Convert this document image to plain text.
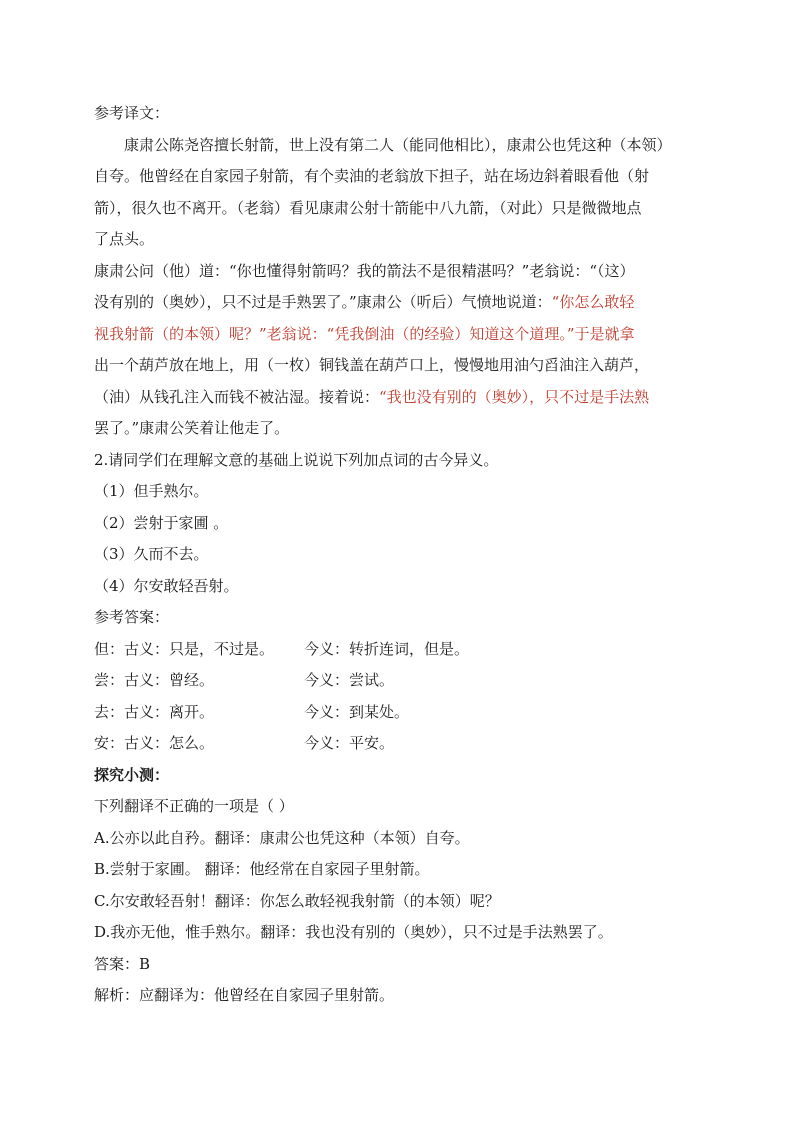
参考译文：
康肃公陈尧咨擅长射箭，世上没有第二人（能同他相比），康肃公也凭这种（本领）
自夸。他曾经在自家园子射箭，有个卖油的老翁放下担子，站在场边斜着眼看他（射
箭），很久也不离开。（老翁）看见康肃公射十箭能中八九箭，（对此）只是微微地点
了点头。
康肃公问（他）道：“你也懂得射箭吗？我的箭法不是很精湛吗？”老翁说：“（这）
没有别的（奥妙），只不过是手熟罢了。”康肃公（听后）气愤地说道：“你怎么敢轻
视我射箭（的本领）呢？”老翁说：“凭我倒油（的经验）知道这个道理。”于是就拿
出一个葫芦放在地上，用（一枚）铜钱盖在葫芦口上，慢慢地用油勺舀油注入葫芦，
（油）从钱孔注入而钱不被沾湿。接着说：“我也没有别的（奥妙），只不过是手法熟
罢了。”康肃公笑着让他走了。
2.请同学们在理解文意的基础上说说下列加点词的古今异义。
（1）但手熟尔。
（2）尝射于家圃 。
（3）久而不去。
（4）尔安敢轻吾射。
参考答案：
但：古义：只是，不过是。	今义：转折连词，但是。
尝：古义：曾经。	今义：尝试。
去：古义：离开。	今义：到某处。
安：古义：怎么。	今义：平安。
探究小测：
下列翻译不正确的一项是（ ）
A.公亦以此自矜。翻译：康肃公也凭这种（本领）自夸。
B.尝射于家圃。 翻译：他经常在自家园子里射箭。
C.尔安敢轻吾射！翻译：你怎么敢轻视我射箭（的本领）呢？
D.我亦无他，惟手熟尔。翻译：我也没有别的（奥妙），只不过是手法熟罢了。
答案：B
解析：应翻译为：他曾经在自家园子里射箭。
